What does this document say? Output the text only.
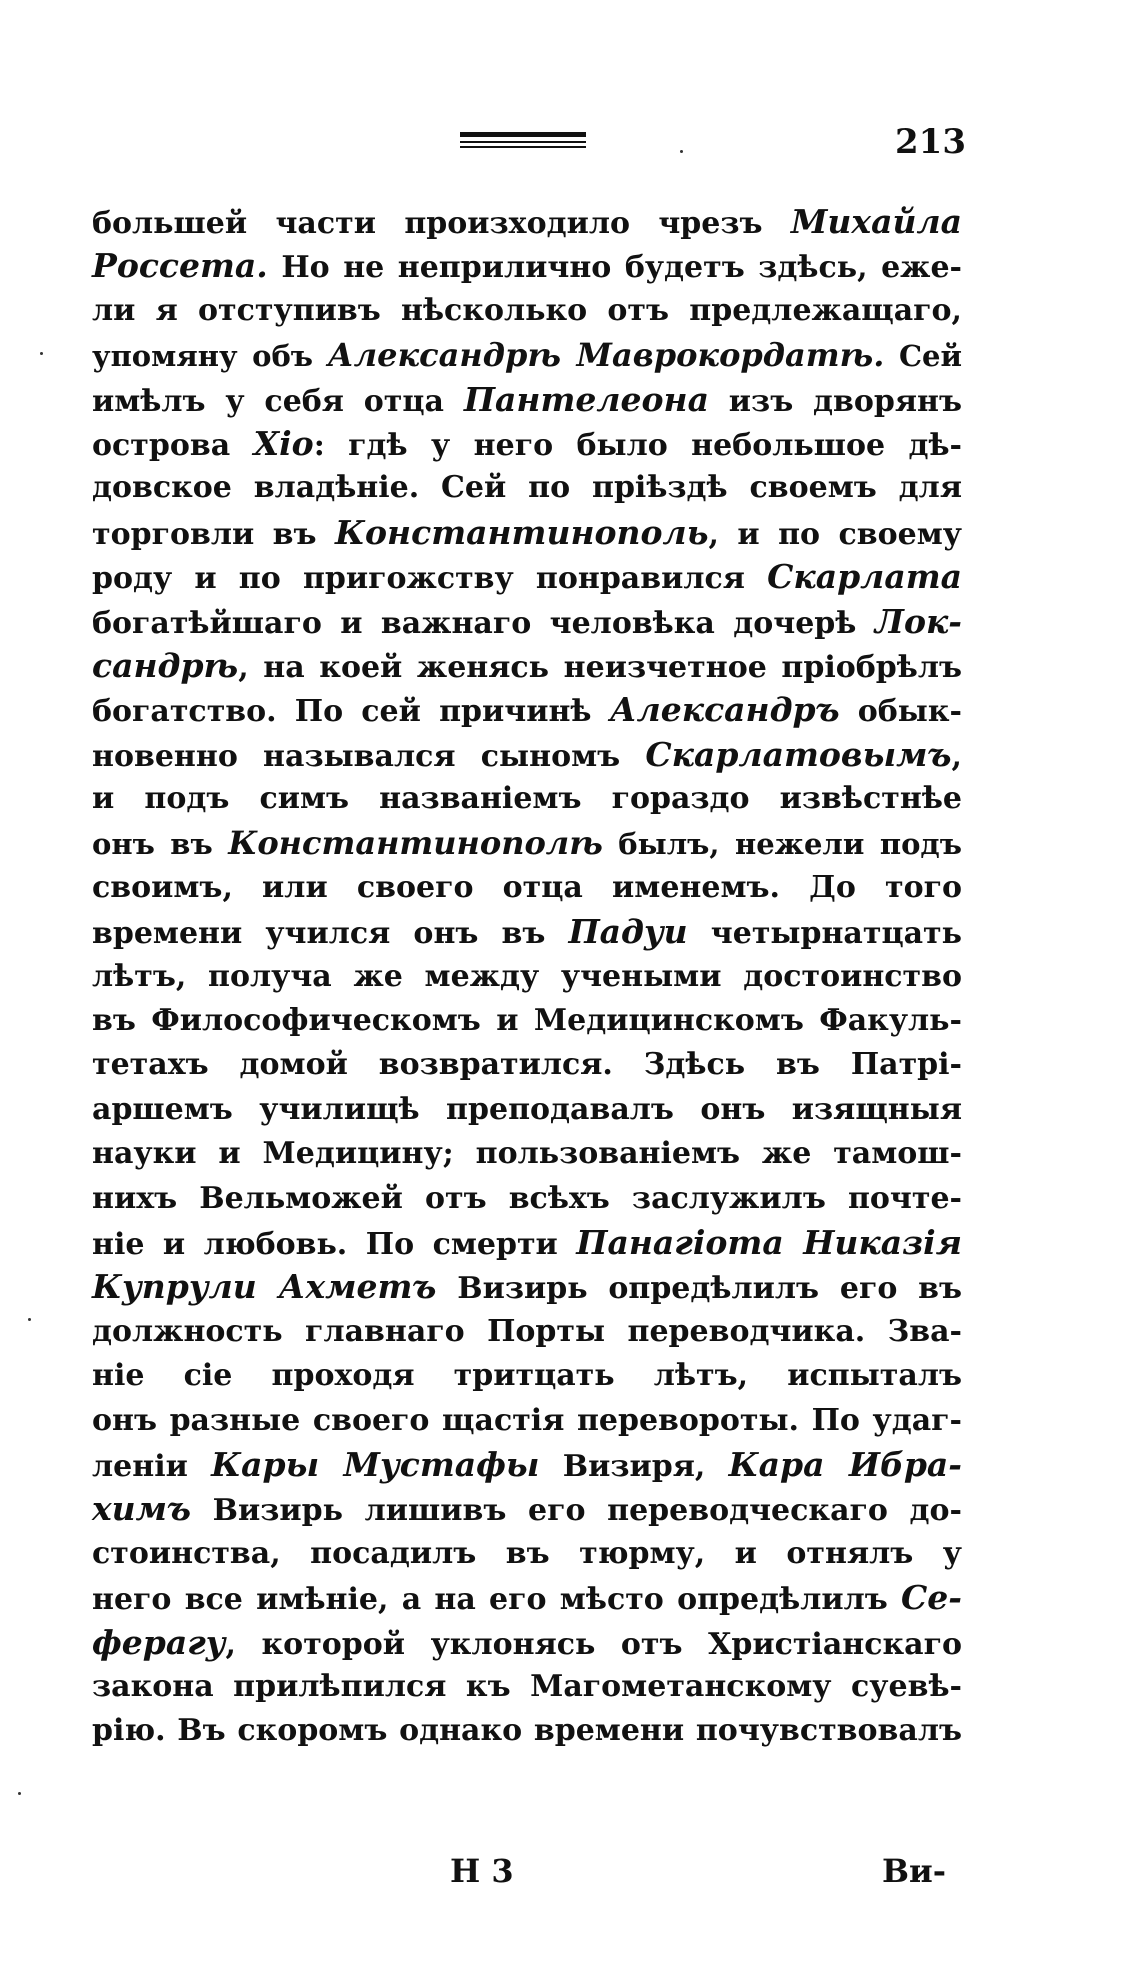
213
большей части произходило чрезъ Михайла
Россета. Но не неприлично будетъ здѣсь, еже-
ли я отступивъ нѣсколько отъ предлежащаго,
упомяну объ Александрѣ Маврокордатѣ. Сей
имѣлъ у себя отца Пантелеона изъ дворянъ
острова Хіо: гдѣ у него было небольшое дѣ-
довское владѣніе. Сей по пріѣздѣ своемъ для
торговли въ Константинополь, и по своему
роду и по пригожству понравился Скарлата
богатѣйшаго и важнаго человѣка дочерѣ Лок-
сандрѣ, на коей женясь неизчетное пріобрѣлъ
богатство. По сей причинѣ Александръ обык-
новенно назывался сыномъ Скарлатовымъ,
и подъ симъ названіемъ гораздо извѣстнѣе
онъ въ Константинополѣ былъ, нежели подъ
своимъ, или своего отца именемъ. До того
времени учился онъ въ Падуи четырнатцать
лѣтъ, получа же между учеными достоинство
въ Философическомъ и Медицинскомъ Факуль-
тетахъ домой возвратился. Здѣсь въ Патрі-
аршемъ училищѣ преподавалъ онъ изящныя
науки и Медицину; пользованіемъ же тамош-
нихъ Вельможей отъ всѣхъ заслужилъ почте-
ніе и любовь. По смерти Панагіота Никазія
Купрули Ахметъ Визирь опредѣлилъ его въ
должность главнаго Порты переводчика. Зва-
ніе сіе проходя тритцать лѣтъ, испыталъ
онъ разные своего щастія перевороты. По удаг-
леніи Кары Мустафы Визиря, Кара Ибра-
химъ Визирь лишивъ его переводческаго до-
стоинства, посадилъ въ тюрму, и отнялъ у
него все имѣніе, а на его мѣсто опредѣлилъ Се-
ферагу, которой уклонясь отъ Христіанскаго
закона прилѣпился къ Магометанскому суевѣ-
рію. Въ скоромъ однако времени почувствовалъ
Н 3	Ви-
